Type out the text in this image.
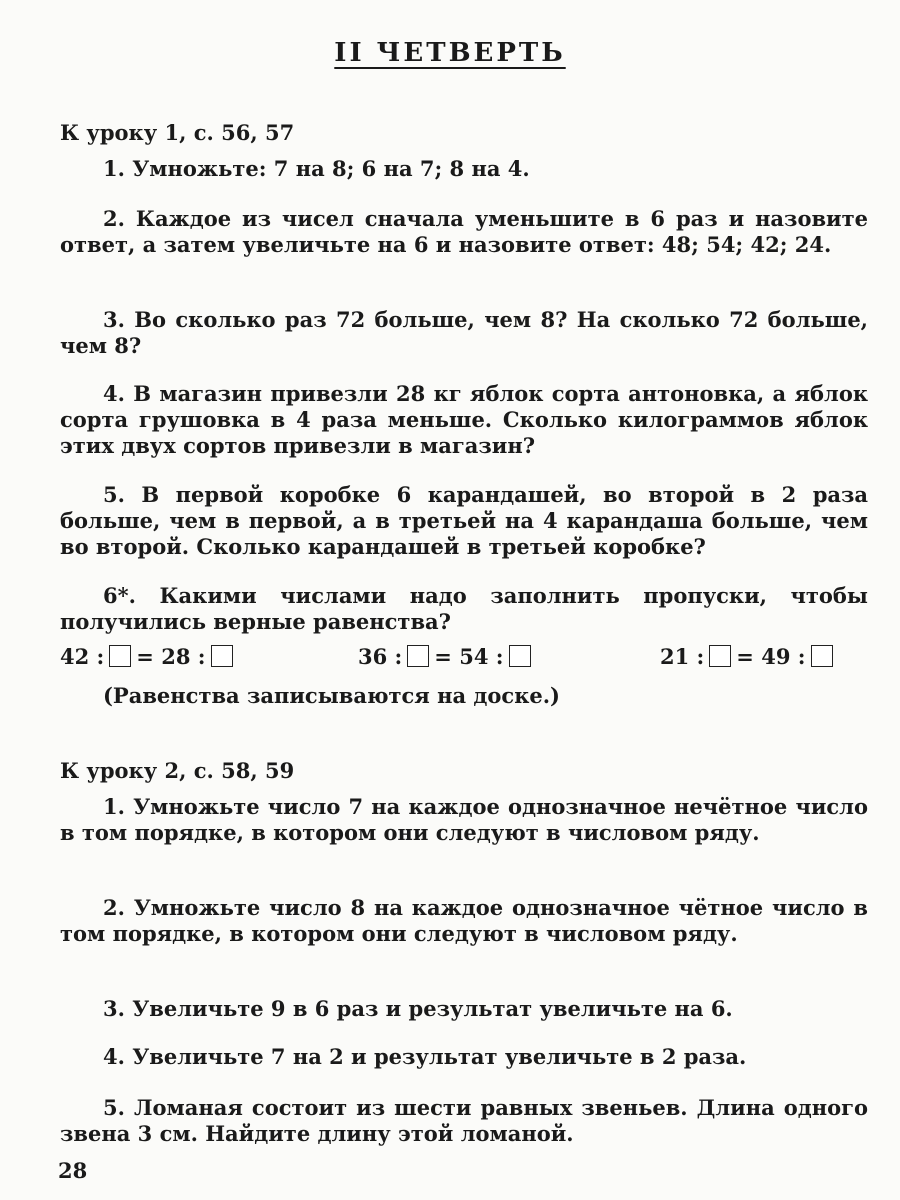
II ЧЕТВЕРТЬ
К уроку 1, с. 56, 57
1. Умножьте: 7 на 8; 6 на 7; 8 на 4.
2. Каждое из чисел сначала уменьшите в 6 раз и назовите ответ, а затем увеличьте на 6 и назовите ответ: 48; 54; 42; 24.
3. Во сколько раз 72 больше, чем 8? На сколько 72 больше, чем 8?
4. В магазин привезли 28 кг яблок сорта антоновка, а яблок сорта грушовка в 4 раза меньше. Сколько килограммов яблок этих двух сортов привезли в магазин?
5. В первой коробке 6 карандашей, во второй в 2 раза больше, чем в первой, а в третьей на 4 карандаша больше, чем во второй. Сколько карандашей в третьей коробке?
6*. Какими числами надо заполнить пропуски, чтобы получились верные равенства?
42 : = 28 :	36 : = 54 :	21 : = 49 :
(Равенства записываются на доске.)
К уроку 2, с. 58, 59
1. Умножьте число 7 на каждое однозначное нечётное число в том порядке, в котором они следуют в числовом ряду.
2. Умножьте число 8 на каждое однозначное чётное число в том порядке, в котором они следуют в числовом ряду.
3. Увеличьте 9 в 6 раз и результат увеличьте на 6.
4. Увеличьте 7 на 2 и результат увеличьте в 2 раза.
5. Ломаная состоит из шести равных звеньев. Длина одного звена 3 см. Найдите длину этой ломаной.
28
